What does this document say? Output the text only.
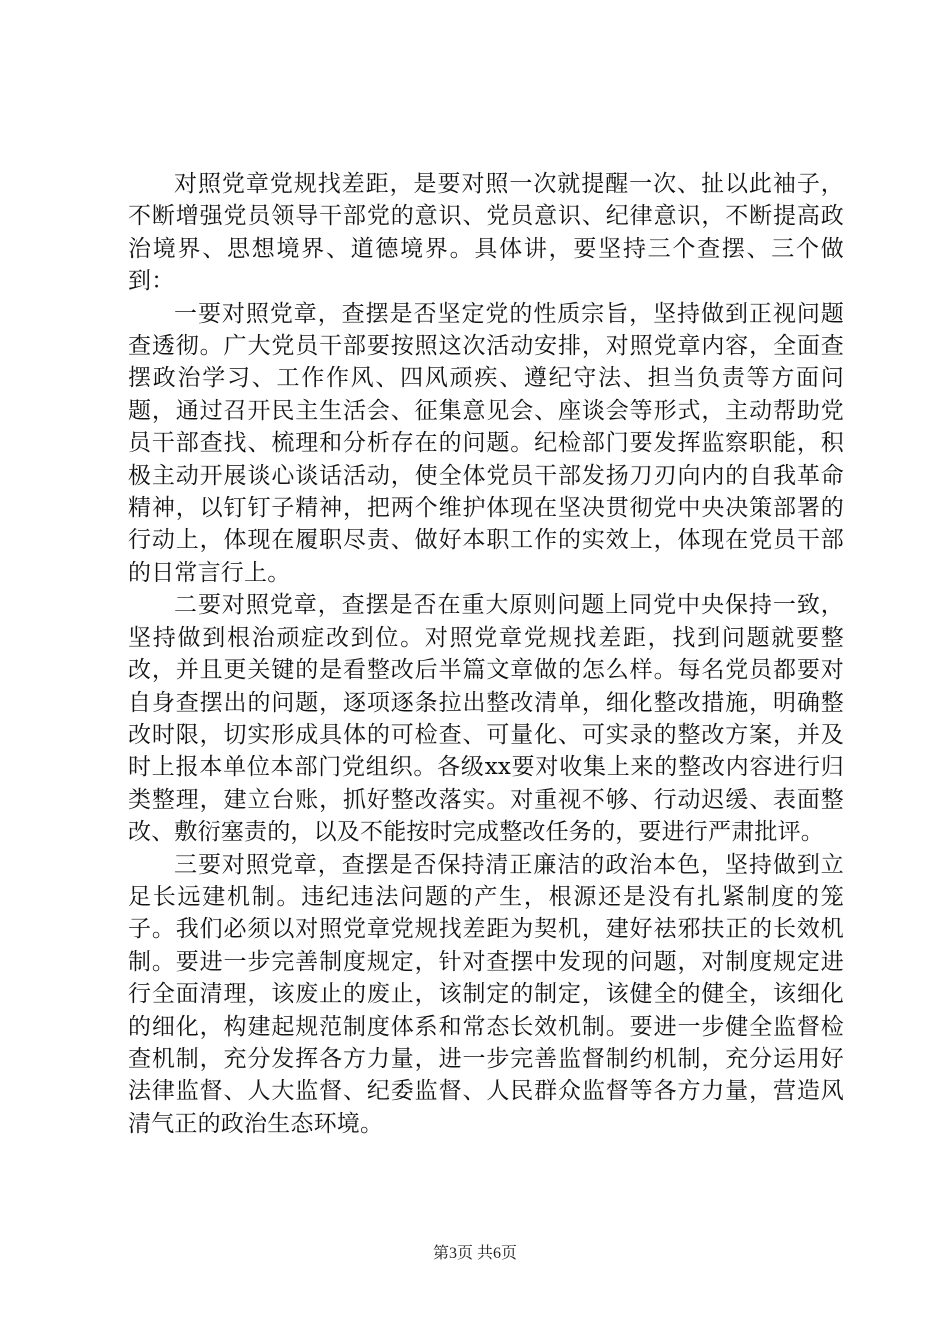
对照党章党规找差距，是要对照一次就提醒一次、扯以此袖子，不断增强党员领导干部党的意识、党员意识、纪律意识，不断提高政治境界、思想境界、道德境界。具体讲，要坚持三个查摆、三个做到：

一要对照党章，查摆是否坚定党的性质宗旨，坚持做到正视问题查透彻。广大党员干部要按照这次活动安排，对照党章内容，全面查摆政治学习、工作作风、四风顽疾、遵纪守法、担当负责等方面问题，通过召开民主生活会、征集意见会、座谈会等形式，主动帮助党员干部查找、梳理和分析存在的问题。纪检部门要发挥监察职能，积极主动开展谈心谈话活动，使全体党员干部发扬刀刃向内的自我革命精神，以钉钉子精神，把两个维护体现在坚决贯彻党中央决策部署的行动上，体现在履职尽责、做好本职工作的实效上，体现在党员干部的日常言行上。

二要对照党章，查摆是否在重大原则问题上同党中央保持一致，坚持做到根治顽症改到位。对照党章党规找差距，找到问题就要整改，并且更关键的是看整改后半篇文章做的怎么样。每名党员都要对自身查摆出的问题，逐项逐条拉出整改清单，细化整改措施，明确整改时限，切实形成具体的可检查、可量化、可实录的整改方案，并及时上报本单位本部门党组织。各级xx要对收集上来的整改内容进行归类整理，建立台账，抓好整改落实。对重视不够、行动迟缓、表面整改、敷衍塞责的，以及不能按时完成整改任务的，要进行严肃批评。

三要对照党章，查摆是否保持清正廉洁的政治本色，坚持做到立足长远建机制。违纪违法问题的产生，根源还是没有扎紧制度的笼子。我们必须以对照党章党规找差距为契机，建好祛邪扶正的长效机制。要进一步完善制度规定，针对查摆中发现的问题，对制度规定进行全面清理，该废止的废止，该制定的制定，该健全的健全，该细化的细化，构建起规范制度体系和常态长效机制。要进一步健全监督检查机制，充分发挥各方力量，进一步完善监督制约机制，充分运用好法律监督、人大监督、纪委监督、人民群众监督等各方力量，营造风清气正的政治生态环境。

第3页 共6页
